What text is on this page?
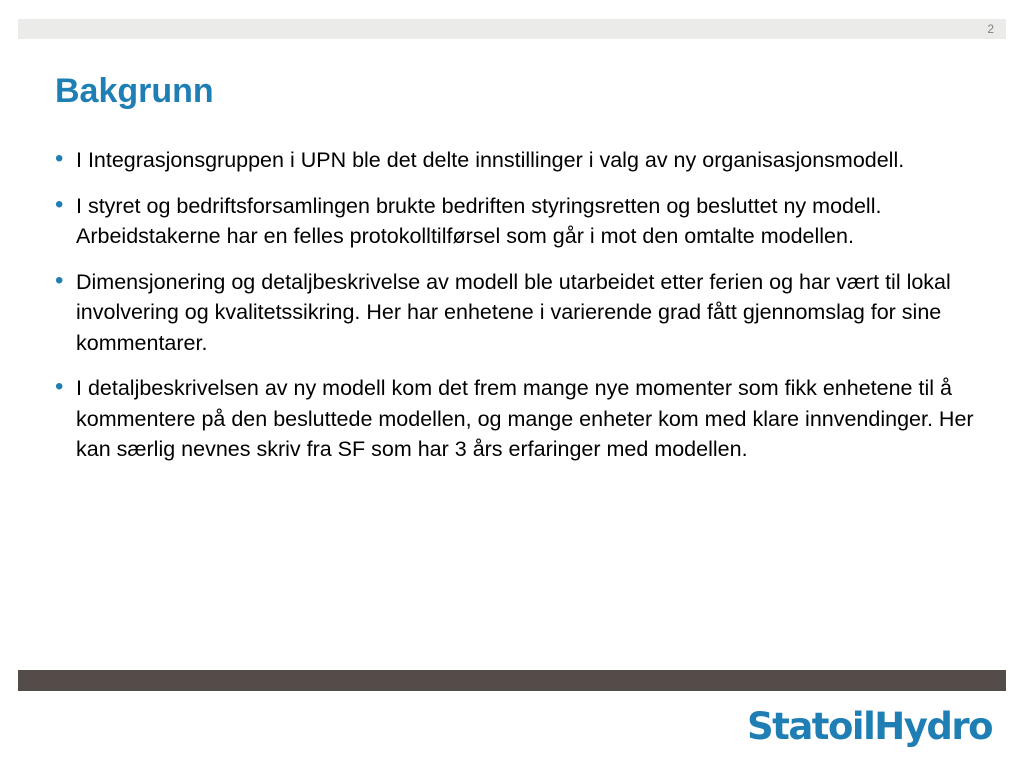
2
Bakgrunn
• I Integrasjonsgruppen i UPN ble det delte innstillinger i valg av ny organisasjonsmodell.
• I styret og bedriftsforsamlingen brukte bedriften styringsretten og besluttet ny modell. Arbeidstakerne har en felles protokolltilførsel som går i mot den omtalte modellen.
• Dimensjonering og detaljbeskrivelse av modell ble utarbeidet etter ferien og har vært til lokal involvering og kvalitetssikring. Her har enhetene i varierende grad fått gjennomslag for sine kommentarer.
• I detaljbeskrivelsen av ny modell kom det frem mange nye momenter som fikk enhetene til å kommentere på den besluttede modellen, og mange enheter kom med klare innvendinger. Her kan særlig nevnes skriv fra SF som har 3 års erfaringer med modellen.
StatoilHydro
